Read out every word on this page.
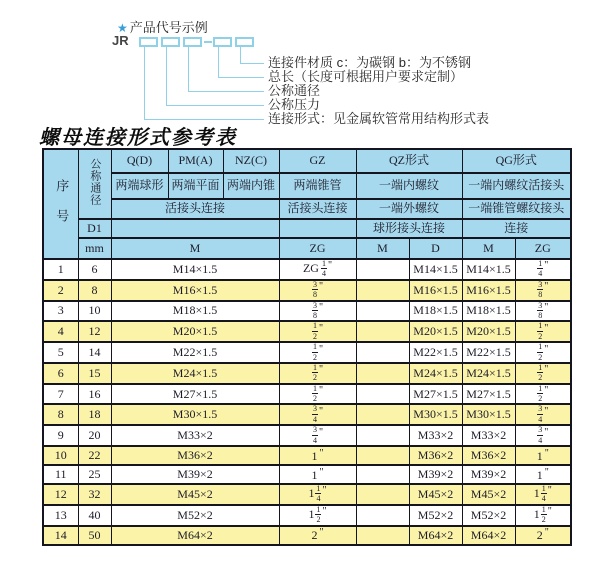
★ 产品代号示例
JR
连接件材质 c：为碳钢 b：为不锈钢
总长（长度可根据用户要求定制）
公称通径
公称压力
连接形式：见金属软管常用结构形式表
螺母连接形式参考表
序号	公称通径	Q(D)	PM(A)	NZ(C)	GZ	QZ形式		QG形式	
		两端球形	两端平面	两端内锥	两端锥管	一端内螺纹		一端内螺纹活接头	
		活接头连接			活接头连接	一端外螺纹		一端锥管螺纹接头	
	D1					球形接头连接		连接	
	mm	M			ZG	M	D	M	ZG
1	6	M14×1.5			ZG $\frac{1}{4} ^"$		M14×1.5	M14×1.5	$\frac{1}{4} ^"$
2	8	M16×1.5			$\frac{3}{8} ^"$		M16×1.5	M16×1.5	$\frac{3}{8} ^"$
3	10	M18×1.5			$\frac{3}{8} ^"$		M18×1.5	M18×1.5	$\frac{3}{8} ^"$
4	12	M20×1.5			$\frac{1}{2} ^"$		M20×1.5	M20×1.5	$\frac{1}{2} ^"$
5	14	M22×1.5			$\frac{1}{2} ^"$		M22×1.5	M22×1.5	$\frac{1}{2} ^"$
6	15	M24×1.5			$\frac{1}{2} ^"$		M24×1.5	M24×1.5	$\frac{1}{2} ^"$
7	16	M27×1.5			$\frac{1}{2} ^"$		M27×1.5	M27×1.5	$\frac{1}{2} ^"$
8	18	M30×1.5			$\frac{3}{4} ^"$		M30×1.5	M30×1.5	$\frac{3}{4} ^"$
9	20	M33×2			$\frac{3}{4} ^"$		M33×2	M33×2	$\frac{3}{4} ^"$
10	22	M36×2			1 "		M36×2	M36×2	1 "
11	25	M39×2			1 "		M39×2	M39×2	1 "
12	32	M45×2			$1 \frac{1}{4} ^"$		M45×2	M45×2	$1 \frac{1}{4} ^"$
13	40	M52×2			$1 \frac{1}{2} ^"$		M52×2	M52×2	$1 \frac{1}{2} ^"$
14	50	M64×2			2 "		M64×2	M64×2	2 "
